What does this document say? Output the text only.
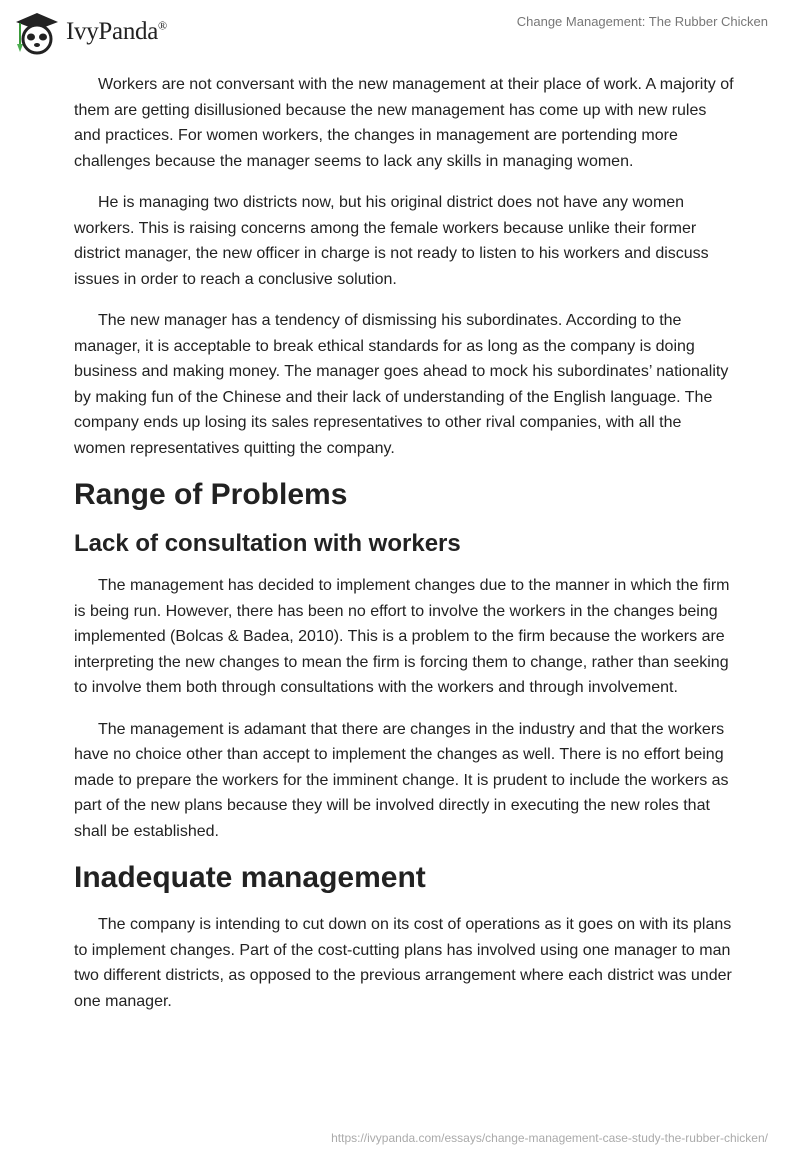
IvyPanda®	Change Management: The Rubber Chicken

Workers are not conversant with the new management at their place of work. A majority of them are getting disillusioned because the new management has come up with new rules and practices. For women workers, the changes in management are portending more challenges because the manager seems to lack any skills in managing women.

He is managing two districts now, but his original district does not have any women workers. This is raising concerns among the female workers because unlike their former district manager, the new officer in charge is not ready to listen to his workers and discuss issues in order to reach a conclusive solution.

The new manager has a tendency of dismissing his subordinates. According to the manager, it is acceptable to break ethical standards for as long as the company is doing business and making money. The manager goes ahead to mock his subordinates’ nationality by making fun of the Chinese and their lack of understanding of the English language. The company ends up losing its sales representatives to other rival companies, with all the women representatives quitting the company.

Range of Problems
Lack of consultation with workers

The management has decided to implement changes due to the manner in which the firm is being run. However, there has been no effort to involve the workers in the changes being implemented (Bolcas & Badea, 2010). This is a problem to the firm because the workers are interpreting the new changes to mean the firm is forcing them to change, rather than seeking to involve them both through consultations with the workers and through involvement.

The management is adamant that there are changes in the industry and that the workers have no choice other than accept to implement the changes as well. There is no effort being made to prepare the workers for the imminent change. It is prudent to include the workers as part of the new plans because they will be involved directly in executing the new roles that shall be established.

Inadequate management

The company is intending to cut down on its cost of operations as it goes on with its plans to implement changes. Part of the cost-cutting plans has involved using one manager to man two different districts, as opposed to the previous arrangement where each district was under one manager.

https://ivypanda.com/essays/change-management-case-study-the-rubber-chicken/
